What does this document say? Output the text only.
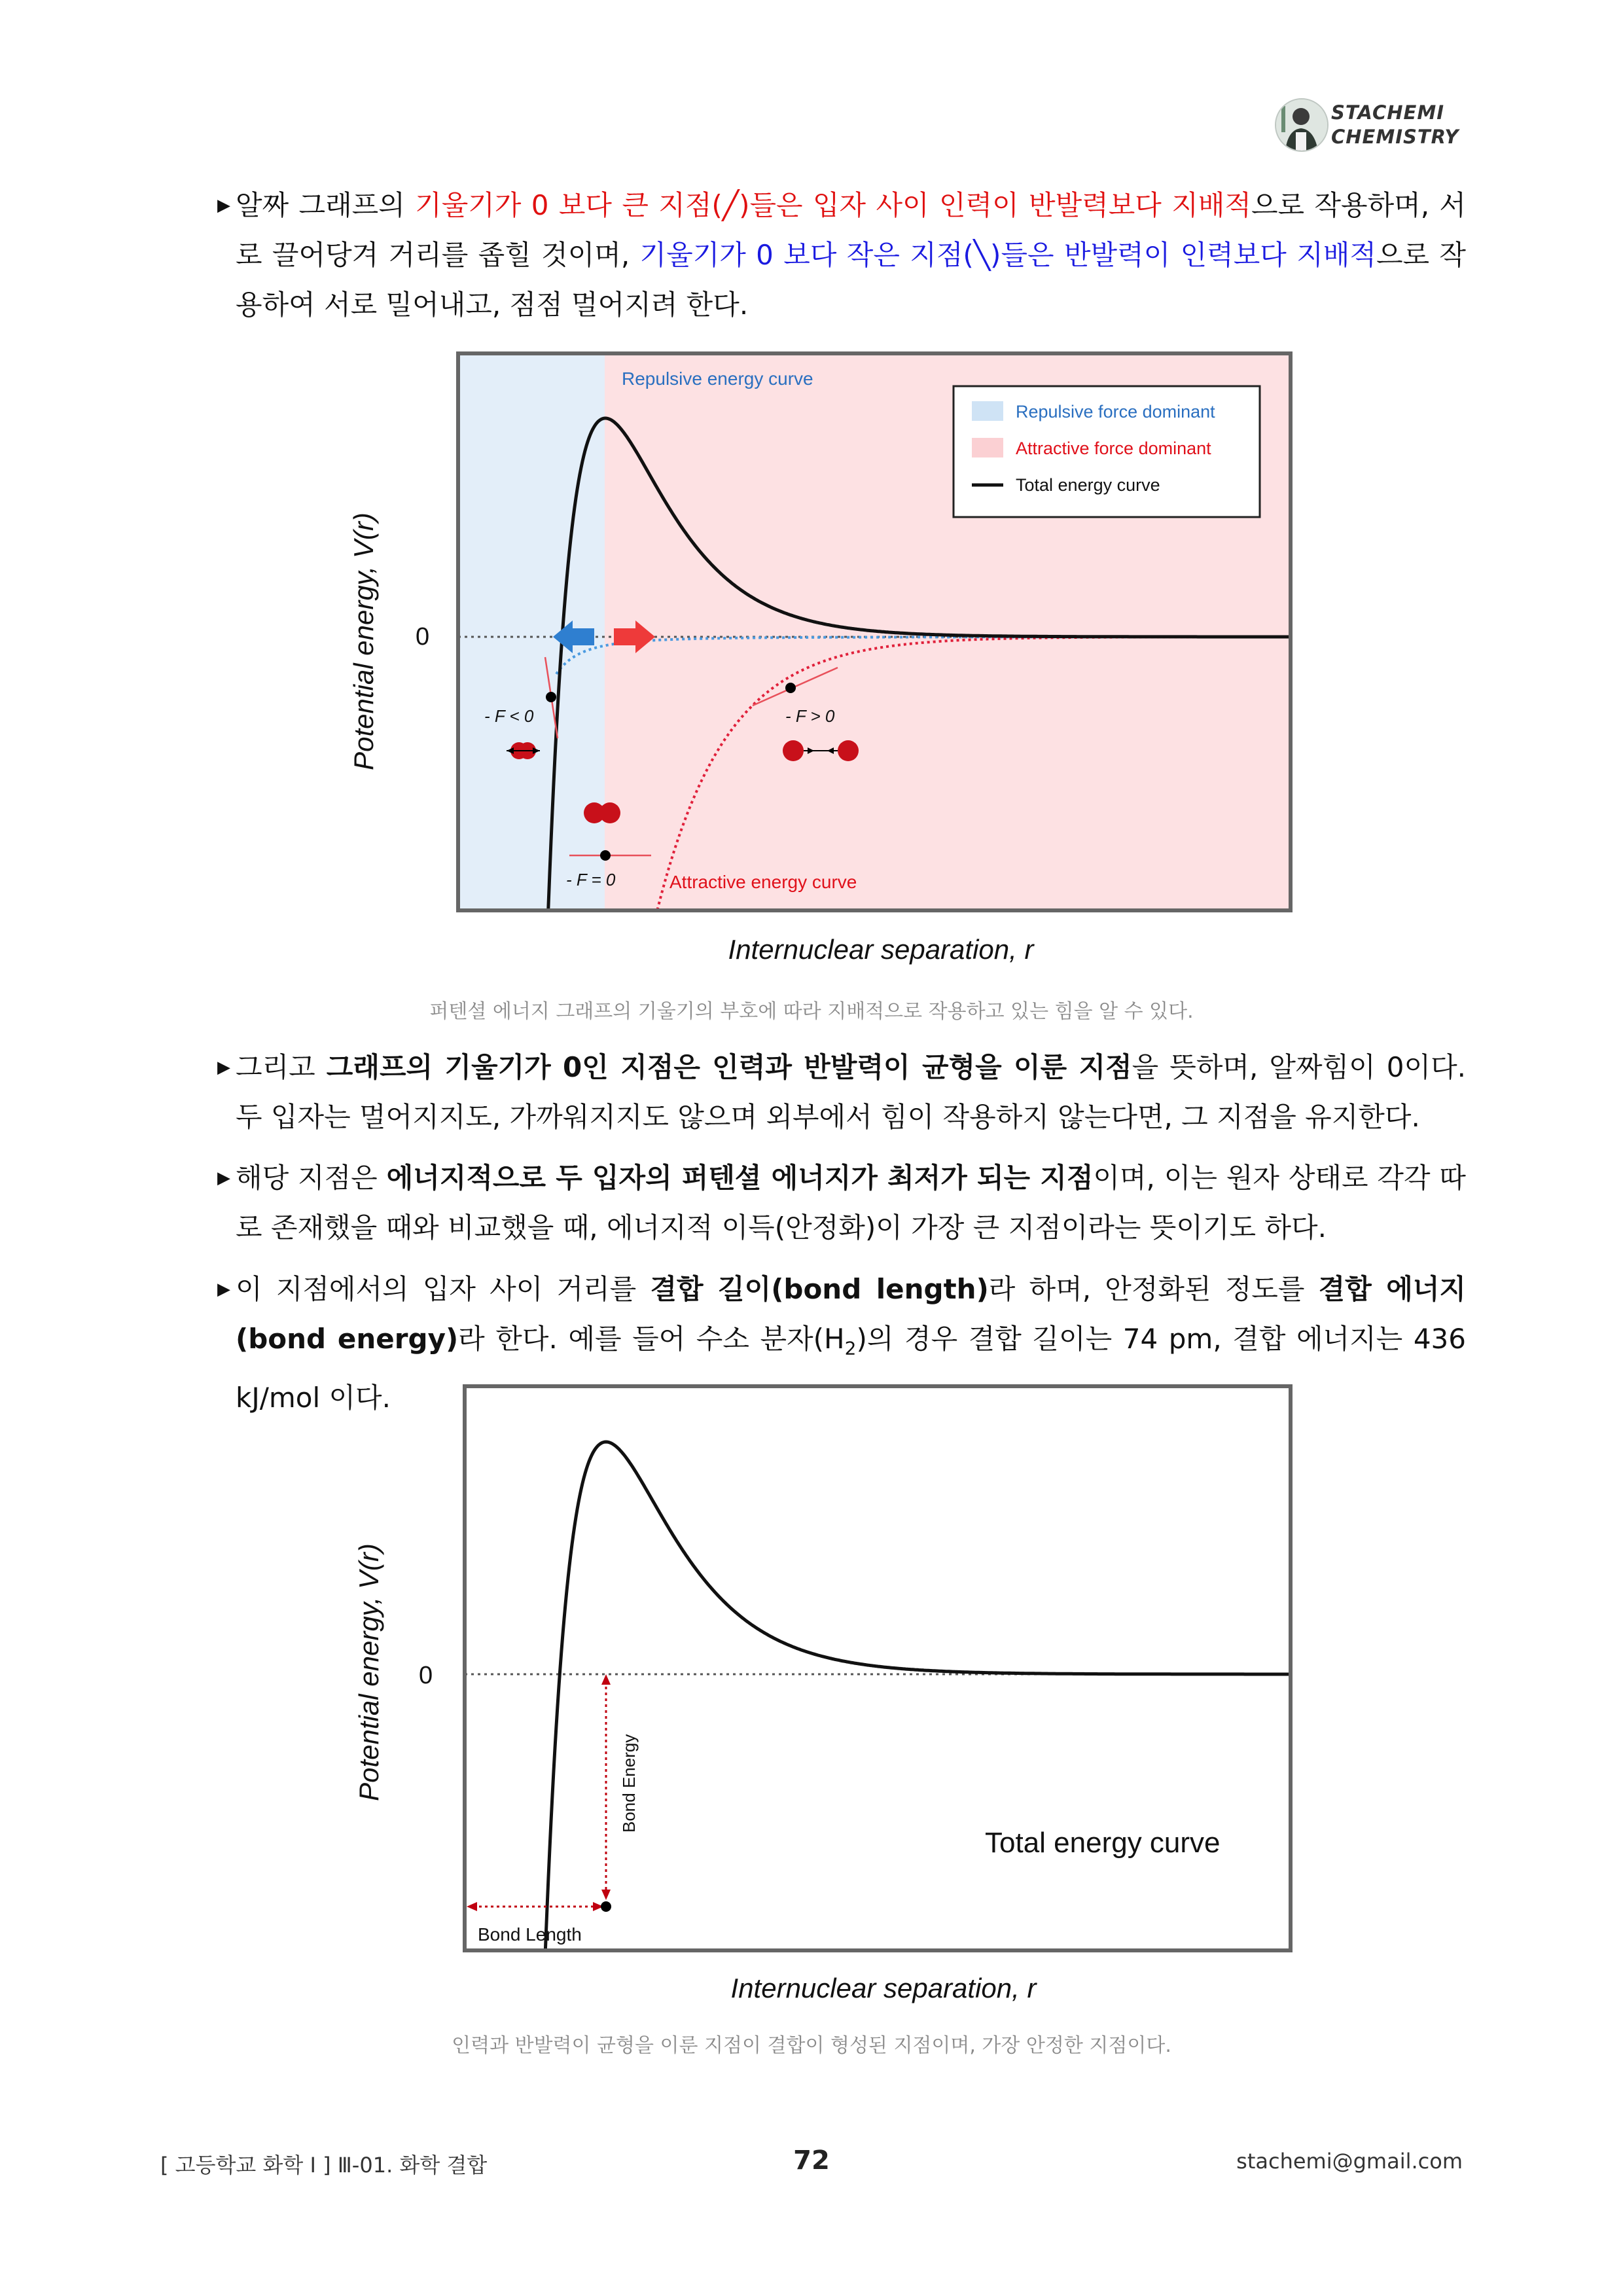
STACHEMI
CHEMISTRY
▶ 알짜 그래프의 기울기가 0 보다 큰 지점(╱)들은 입자 사이 인력이 반발력보다 지배적으로 작용하며, 서로 끌어당겨 거리를 좁힐 것이며, 기울기가 0 보다 작은 지점(╲)들은 반발력이 인력보다 지배적으로 작용하여 서로 밀어내고, 점점 멀어지려 한다.
Repulsive force dominant
Attractive force dominant
Total energy curve
Repulsive energy curve
Attractive energy curve
- F < 0
- F = 0
- F > 0
0
Potential energy, V(r)
Internuclear separation, r
퍼텐셜 에너지 그래프의 기울기의 부호에 따라 지배적으로 작용하고 있는 힘을 알 수 있다.
▶ 그리고 그래프의 기울기가 0인 지점은 인력과 반발력이 균형을 이룬 지점을 뜻하며, 알짜힘이 0이다. 두 입자는 멀어지지도, 가까워지지도 않으며 외부에서 힘이 작용하지 않는다면, 그 지점을 유지한다.
▶ 해당 지점은 에너지적으로 두 입자의 퍼텐셜 에너지가 최저가 되는 지점이며, 이는 원자 상태로 각각 따로 존재했을 때와 비교했을 때, 에너지적 이득(안정화)이 가장 큰 지점이라는 뜻이기도 하다.
▶ 이 지점에서의 입자 사이 거리를 결합 길이(bond length)라 하며, 안정화된 정도를 결합 에너지(bond energy)라 한다. 예를 들어 수소 분자$(H_2)$의 경우 결합 길이는 74 pm, 결합 에너지는 436 kJ/mol 이다.
Bond Energy
Bond Length
Total energy curve
0
Potential energy, V(r)
Internuclear separation, r
인력과 반발력이 균형을 이룬 지점이 결합이 형성된 지점이며, 가장 안정한 지점이다.
[ 고등학교 화학 I ] Ⅲ-01. 화학 결합	72	stachemi@gmail.com
